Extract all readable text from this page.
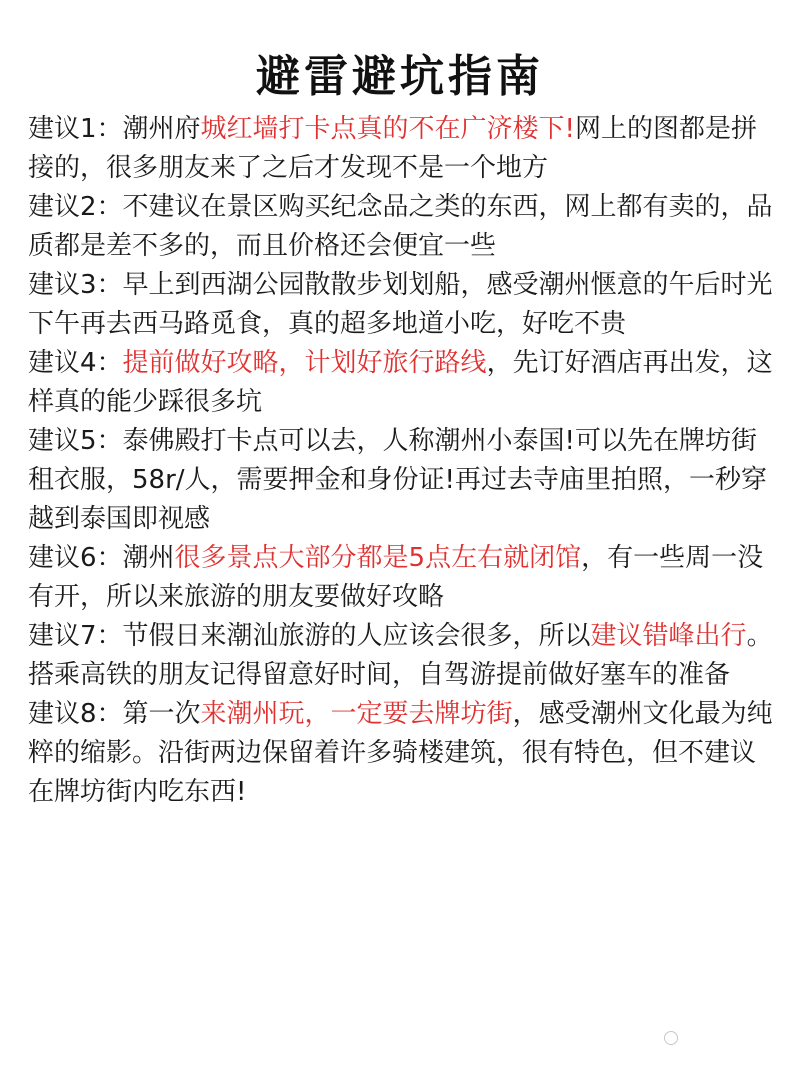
避雷避坑指南

建议1：潮州府城红墙打卡点真的不在广济楼下!网上的图都是拼接的，很多朋友来了之后才发现不是一个地方

建议2：不建议在景区购买纪念品之类的东西，网上都有卖的，品质都是差不多的，而且价格还会便宜一些

建议3：早上到西湖公园散散步划划船，感受潮州惬意的午后时光下午再去西马路觅食，真的超多地道小吃，好吃不贵

建议4：提前做好攻略，计划好旅行路线，先订好酒店再出发，这样真的能少踩很多坑

建议5：泰佛殿打卡点可以去，人称潮州小泰国!可以先在牌坊街租衣服，58r/人，需要押金和身份证!再过去寺庙里拍照，一秒穿越到泰国即视感

建议6：潮州很多景点大部分都是5点左右就闭馆，有一些周一没有开，所以来旅游的朋友要做好攻略

建议7：节假日来潮汕旅游的人应该会很多，所以建议错峰出行。搭乘高铁的朋友记得留意好时间，自驾游提前做好塞车的准备

建议8：第一次来潮州玩，一定要去牌坊街，感受潮州文化最为纯粹的缩影。沿街两边保留着许多骑楼建筑，很有特色，但不建议在牌坊街内吃东西!
